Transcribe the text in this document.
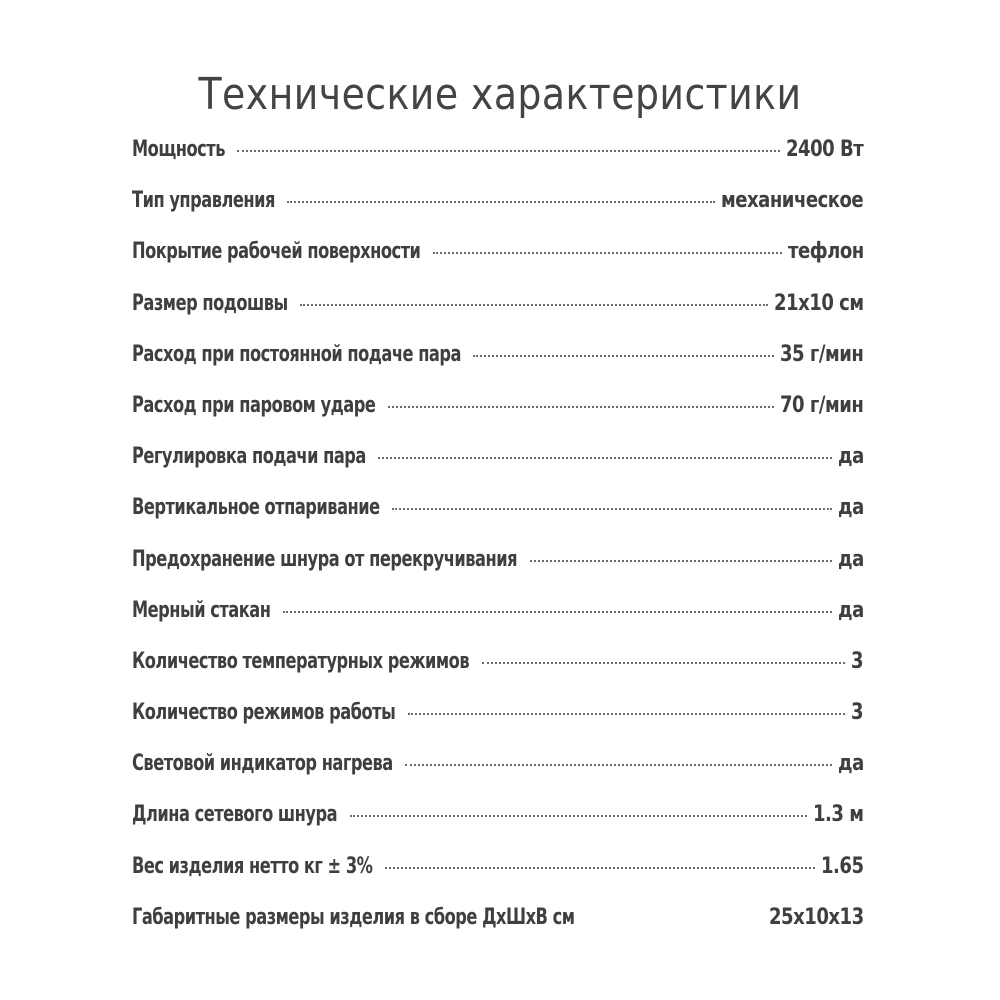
Технические характеристики
Мощность	2400 Вт
Тип управления	механическое
Покрытие рабочей поверхности	тефлон
Размер подошвы	21x10 см
Расход при постоянной подаче пара	35 г/мин
Расход при паровом ударе	70 г/мин
Регулировка подачи пара	да
Вертикальное отпаривание	да
Предохранение шнура от перекручивания	да
Мерный стакан	да
Количество температурных режимов	3
Количество режимов работы	3
Световой индикатор нагрева	да
Длина сетевого шнура	1.3 м
Вес изделия нетто кг ± 3%	1.65
Габаритные размеры изделия в сборе ДхШхВ см	25x10x13
